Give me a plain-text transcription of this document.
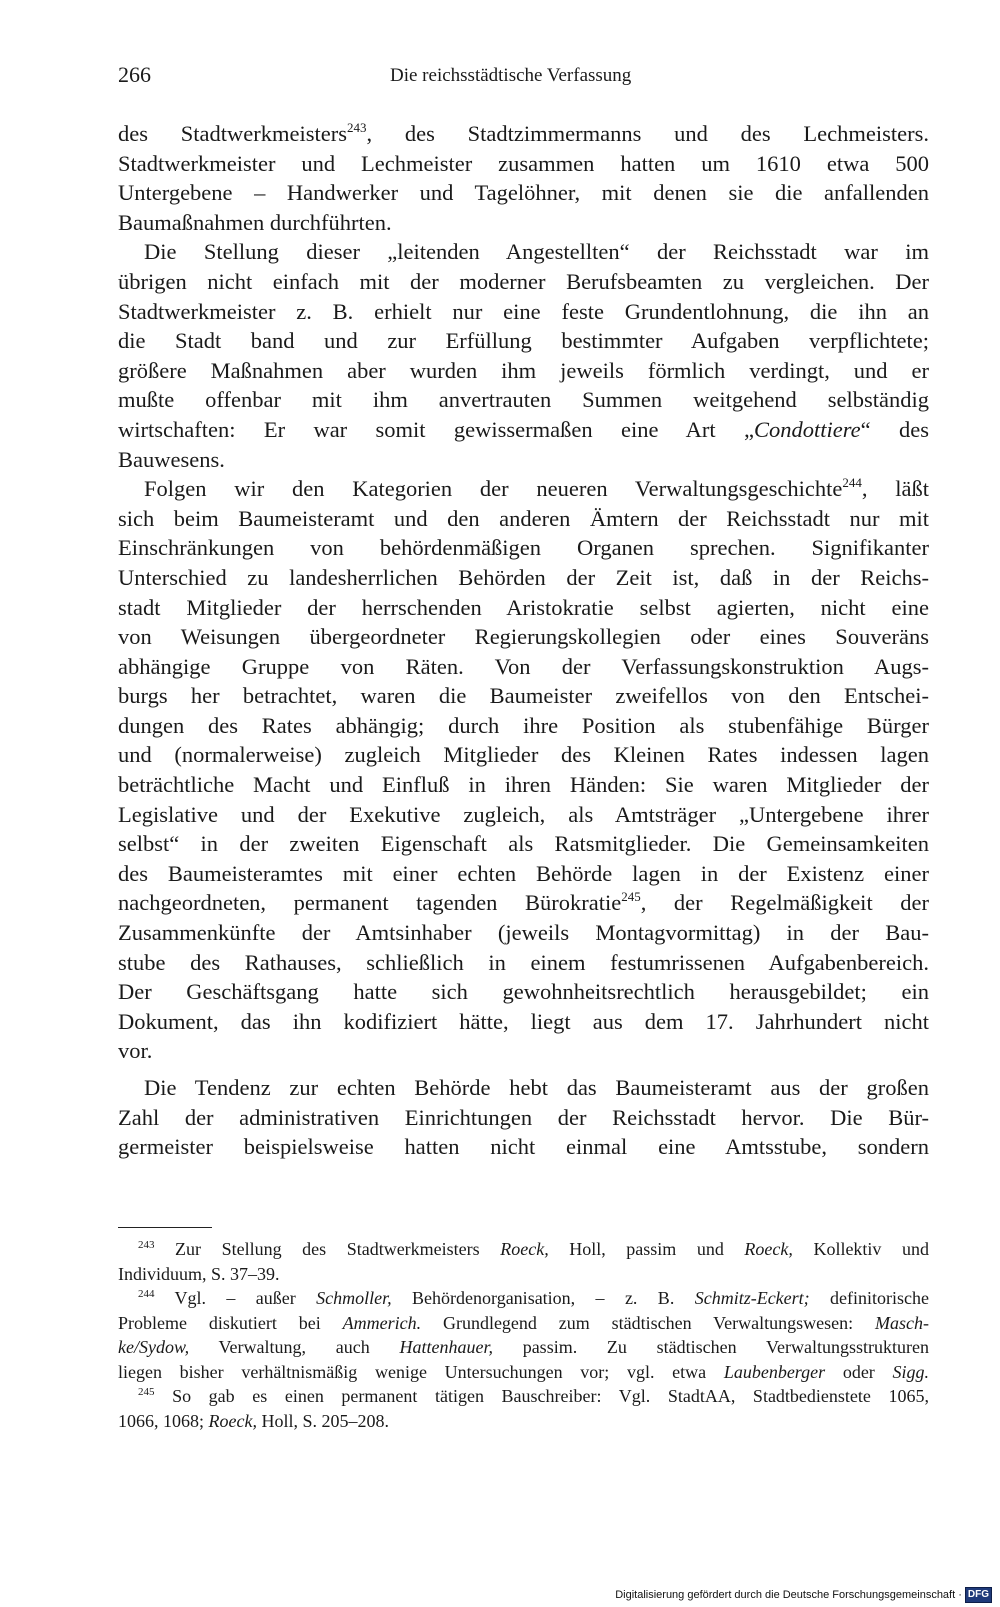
266	Die reichsstädtische Verfassung
des Stadtwerkmeisters$^{243}$, des Stadtzimmermanns und des Lechmeisters.
Stadtwerkmeister und Lechmeister zusammen hatten um 1610 etwa 500
Untergebene – Handwerker und Tagelöhner, mit denen sie die anfallenden
Baumaßnahmen durchführten.
Die Stellung dieser „leitenden Angestellten“ der Reichsstadt war im
übrigen nicht einfach mit der moderner Berufsbeamten zu vergleichen. Der
Stadtwerkmeister z. B. erhielt nur eine feste Grundentlohnung, die ihn an
die Stadt band und zur Erfüllung bestimmter Aufgaben verpflichtete;
größere Maßnahmen aber wurden ihm jeweils förmlich verdingt, und er
mußte offenbar mit ihm anvertrauten Summen weitgehend selbständig
wirtschaften: Er war somit gewissermaßen eine Art „Condottiere“ des
Bauwesens.
Folgen wir den Kategorien der neueren Verwaltungsgeschichte$^{244}$, läßt
sich beim Baumeisteramt und den anderen Ämtern der Reichsstadt nur mit
Einschränkungen von behördenmäßigen Organen sprechen. Signifikanter
Unterschied zu landesherrlichen Behörden der Zeit ist, daß in der Reichs-
stadt Mitglieder der herrschenden Aristokratie selbst agierten, nicht eine
von Weisungen übergeordneter Regierungskollegien oder eines Souveräns
abhängige Gruppe von Räten. Von der Verfassungskonstruktion Augs-
burgs her betrachtet, waren die Baumeister zweifellos von den Entschei-
dungen des Rates abhängig; durch ihre Position als stubenfähige Bürger
und (normalerweise) zugleich Mitglieder des Kleinen Rates indessen lagen
beträchtliche Macht und Einfluß in ihren Händen: Sie waren Mitglieder der
Legislative und der Exekutive zugleich, als Amtsträger „Untergebene ihrer
selbst“ in der zweiten Eigenschaft als Ratsmitglieder. Die Gemeinsamkeiten
des Baumeisteramtes mit einer echten Behörde lagen in der Existenz einer
nachgeordneten, permanent tagenden Bürokratie$^{245}$, der Regelmäßigkeit der
Zusammenkünfte der Amtsinhaber (jeweils Montagvormittag) in der Bau-
stube des Rathauses, schließlich in einem festumrissenen Aufgabenbereich.
Der Geschäftsgang hatte sich gewohnheitsrechtlich herausgebildet; ein
Dokument, das ihn kodifiziert hätte, liegt aus dem 17. Jahrhundert nicht
vor.
Die Tendenz zur echten Behörde hebt das Baumeisteramt aus der großen
Zahl der administrativen Einrichtungen der Reichsstadt hervor. Die Bür-
germeister beispielsweise hatten nicht einmal eine Amtsstube, sondern
$^{243}$ Zur Stellung des Stadtwerkmeisters Roeck, Holl, passim und Roeck, Kollektiv und
Individuum, S. 37–39.
$^{244}$ Vgl. – außer Schmoller, Behördenorganisation, – z. B. Schmitz-Eckert; definitorische
Probleme diskutiert bei Ammerich. Grundlegend zum städtischen Verwaltungswesen: Masch-
ke/Sydow, Verwaltung, auch Hattenhauer, passim. Zu städtischen Verwaltungsstrukturen
liegen bisher verhältnismäßig wenige Untersuchungen vor; vgl. etwa Laubenberger oder Sigg.
$^{245}$ So gab es einen permanent tätigen Bauschreiber: Vgl. StadtAA, Stadtbedienstete 1065,
1066, 1068; Roeck, Holl, S. 205–208.
Digitalisierung gefördert durch die Deutsche Forschungsgemeinschaft · DFG
